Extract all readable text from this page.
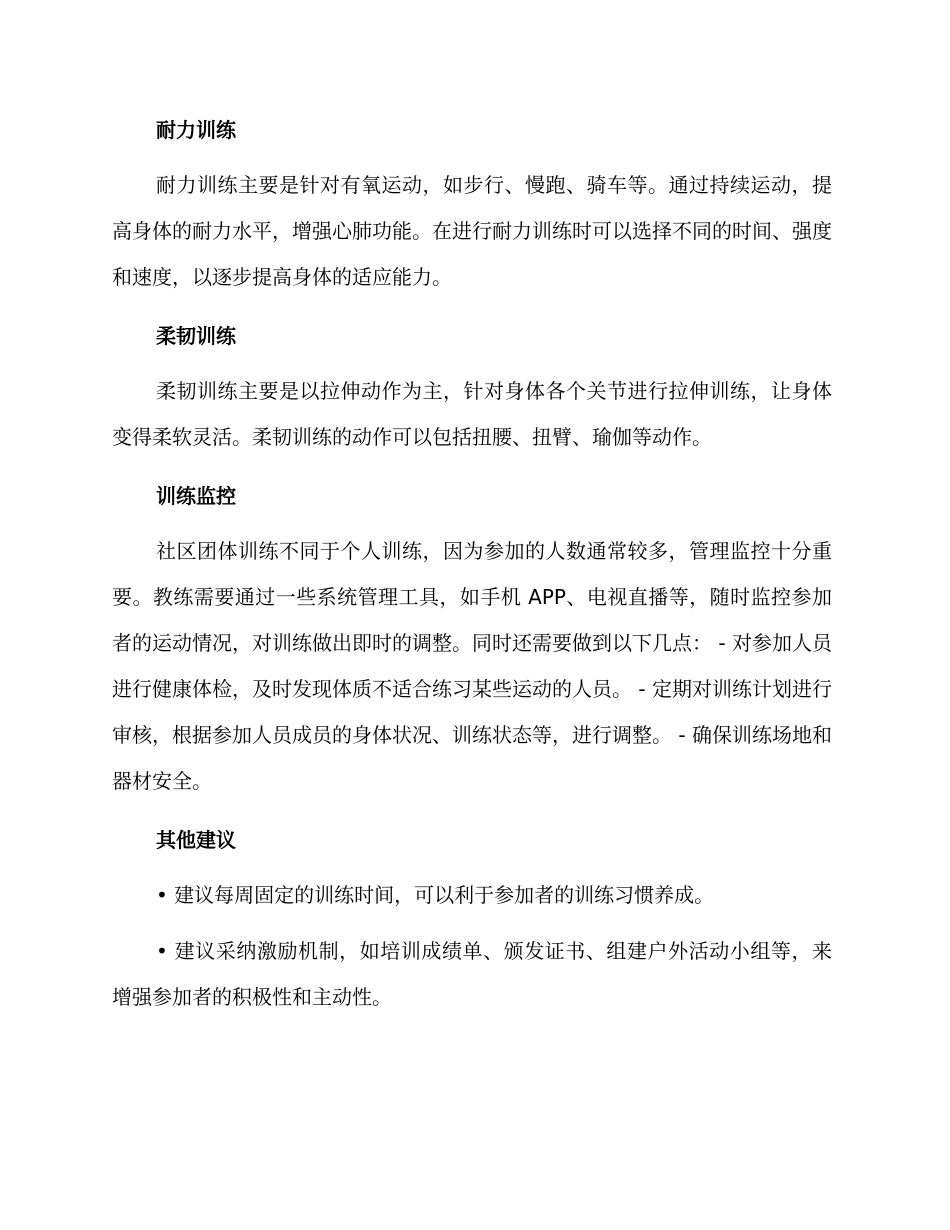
耐力训练

耐力训练主要是针对有氧运动，如步行、慢跑、骑车等。通过持续运动，提高身体的耐力水平，增强心肺功能。在进行耐力训练时可以选择不同的时间、强度和速度，以逐步提高身体的适应能力。

柔韧训练

柔韧训练主要是以拉伸动作为主，针对身体各个关节进行拉伸训练，让身体变得柔软灵活。柔韧训练的动作可以包括扭腰、扭臂、瑜伽等动作。

训练监控

社区团体训练不同于个人训练，因为参加的人数通常较多，管理监控十分重要。教练需要通过一些系统管理工具，如手机 APP、电视直播等，随时监控参加者的运动情况，对训练做出即时的调整。同时还需要做到以下几点： - 对参加人员进行健康体检，及时发现体质不适合练习某些运动的人员。 - 定期对训练计划进行审核，根据参加人员成员的身体状况、训练状态等，进行调整。 - 确保训练场地和器材安全。

其他建议

• 建议每周固定的训练时间，可以利于参加者的训练习惯养成。

• 建议采纳激励机制，如培训成绩单、颁发证书、组建户外活动小组等，来增强参加者的积极性和主动性。
